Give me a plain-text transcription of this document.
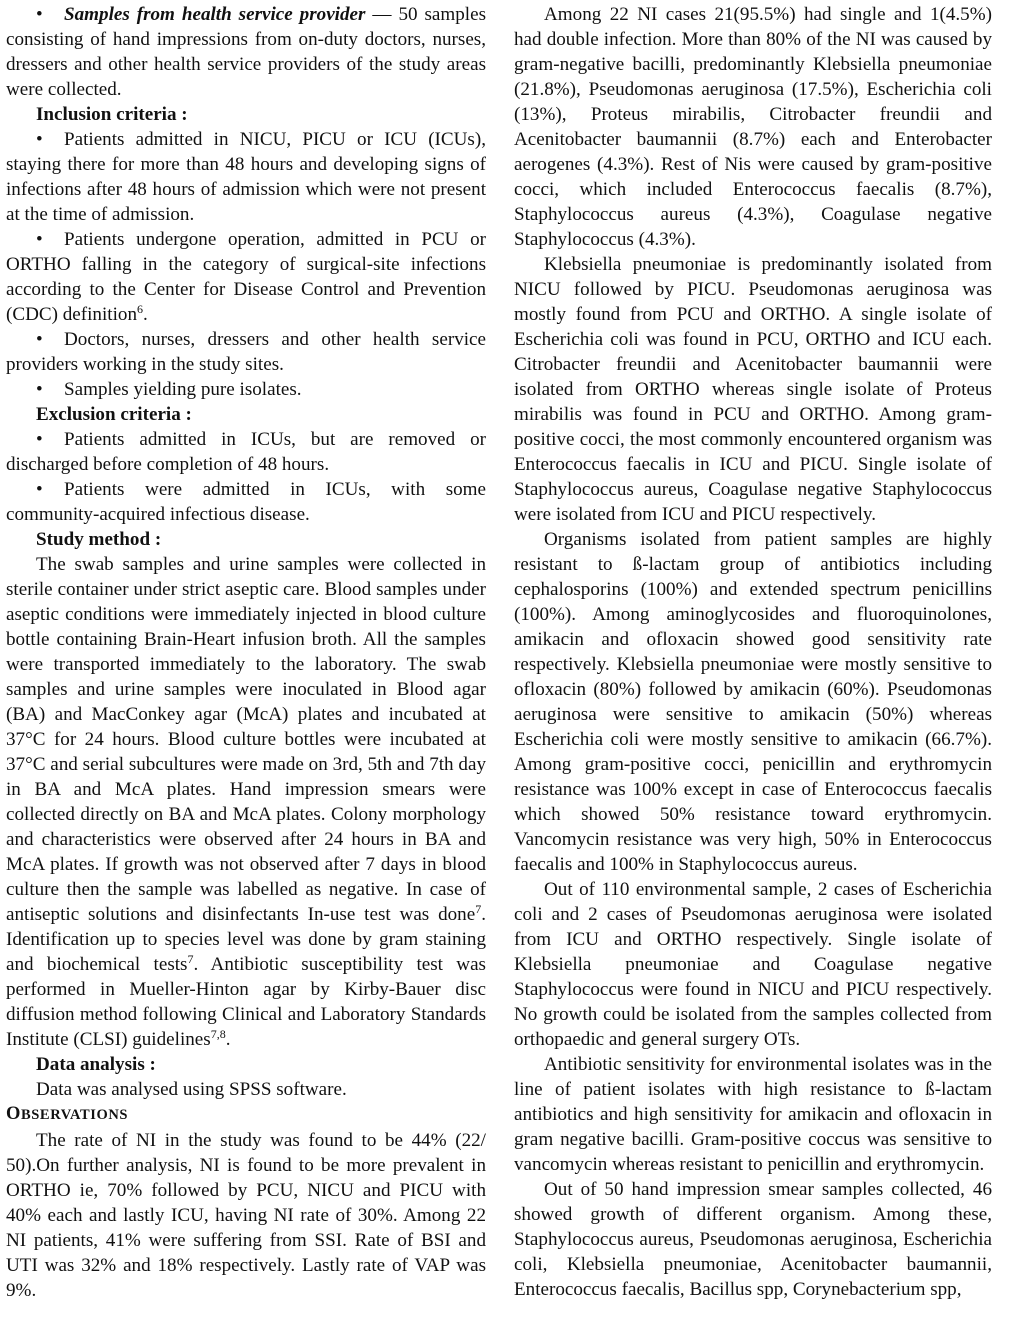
• Samples from health service provider — 50 samples consisting of hand impressions from on-duty doctors, nurses, dressers and other health service providers of the study areas were collected.

Inclusion criteria :

• Patients admitted in NICU, PICU or ICU (ICUs), staying there for more than 48 hours and developing signs of infections after 48 hours of admission which were not present at the time of admission.

• Patients undergone operation, admitted in PCU or ORTHO falling in the category of surgical-site infections according to the Center for Disease Control and Prevention (CDC) definition$^6$.

• Doctors, nurses, dressers and other health service providers working in the study sites.

• Samples yielding pure isolates.

Exclusion criteria :

• Patients admitted in ICUs, but are removed or discharged before completion of 48 hours.

• Patients were admitted in ICUs, with some community-acquired infectious disease.

Study method :

The swab samples and urine samples were collected in sterile container under strict aseptic care. Blood samples under aseptic conditions were immediately injected in blood culture bottle containing Brain-Heart infusion broth. All the samples were transported immediately to the laboratory. The swab samples and urine samples were inoculated in Blood agar (BA) and MacConkey agar (McA) plates and incubated at 37°C for 24 hours. Blood culture bottles were incubated at 37°C and serial subcultures were made on 3rd, 5th and 7th day in BA and McA plates. Hand impression smears were collected directly on BA and McA plates. Colony morphology and characteristics were observed after 24 hours in BA and McA plates. If growth was not observed after 7 days in blood culture then the sample was labelled as negative. In case of antiseptic solutions and disinfectants In-use test was done$^7$. Identification up to species level was done by gram staining and biochemical tests$^7$. Antibiotic susceptibility test was performed in Mueller-Hinton agar by Kirby-Bauer disc diffusion method following Clinical and Laboratory Standards Institute (CLSI) guidelines$^{7,8}$.

Data analysis :

Data was analysed using SPSS software.

OBSERVATIONS

The rate of NI in the study was found to be 44% (22/ 50).On further analysis, NI is found to be more prevalent in ORTHO ie, 70% followed by PCU, NICU and PICU with 40% each and lastly ICU, having NI rate of 30%. Among 22 NI patients, 41% were suffering from SSI. Rate of BSI and UTI was 32% and 18% respectively. Lastly rate of VAP was 9%.

Among 22 NI cases 21(95.5%) had single and 1(4.5%) had double infection. More than 80% of the NI was caused by gram-negative bacilli, predominantly Klebsiella pneumoniae (21.8%), Pseudomonas aeruginosa (17.5%), Escherichia coli (13%), Proteus mirabilis, Citrobacter freundii and Acenitobacter baumannii (8.7%) each and Enterobacter aerogenes (4.3%). Rest of Nis were caused by gram-positive cocci, which included Enterococcus faecalis (8.7%), Staphylococcus aureus (4.3%), Coagulase negative Staphylococcus (4.3%).

Klebsiella pneumoniae is predominantly isolated from NICU followed by PICU. Pseudomonas aeruginosa was mostly found from PCU and ORTHO. A single isolate of Escherichia coli was found in PCU, ORTHO and ICU each. Citrobacter freundii and Acenitobacter baumannii were isolated from ORTHO whereas single isolate of Proteus mirabilis was found in PCU and ORTHO. Among gram-positive cocci, the most commonly encountered organism was Enterococcus faecalis in ICU and PICU. Single isolate of Staphylococcus aureus, Coagulase negative Staphylococcus were isolated from ICU and PICU respectively.

Organisms isolated from patient samples are highly resistant to ß-lactam group of antibiotics including cephalosporins (100%) and extended spectrum penicillins (100%). Among aminoglycosides and fluoroquinolones, amikacin and ofloxacin showed good sensitivity rate respectively. Klebsiella pneumoniae were mostly sensitive to ofloxacin (80%) followed by amikacin (60%). Pseudomonas aeruginosa were sensitive to amikacin (50%) whereas Escherichia coli were mostly sensitive to amikacin (66.7%). Among gram-positive cocci, penicillin and erythromycin resistance was 100% except in case of Enterococcus faecalis which showed 50% resistance toward erythromycin. Vancomycin resistance was very high, 50% in Enterococcus faecalis and 100% in Staphylococcus aureus.

Out of 110 environmental sample, 2 cases of Escherichia coli and 2 cases of Pseudomonas aeruginosa were isolated from ICU and ORTHO respectively. Single isolate of Klebsiella pneumoniae and Coagulase negative Staphylococcus were found in NICU and PICU respectively. No growth could be isolated from the samples collected from orthopaedic and general surgery OTs.

Antibiotic sensitivity for environmental isolates was in the line of patient isolates with high resistance to ß-lactam antibiotics and high sensitivity for amikacin and ofloxacin in gram negative bacilli. Gram-positive coccus was sensitive to vancomycin whereas resistant to penicillin and erythromycin.

Out of 50 hand impression smear samples collected, 46 showed growth of different organism. Among these, Staphylococcus aureus, Pseudomonas aeruginosa, Escherichia coli, Klebsiella pneumoniae, Acenitobacter baumannii, Enterococcus faecalis, Bacillus spp, Corynebacterium spp,
